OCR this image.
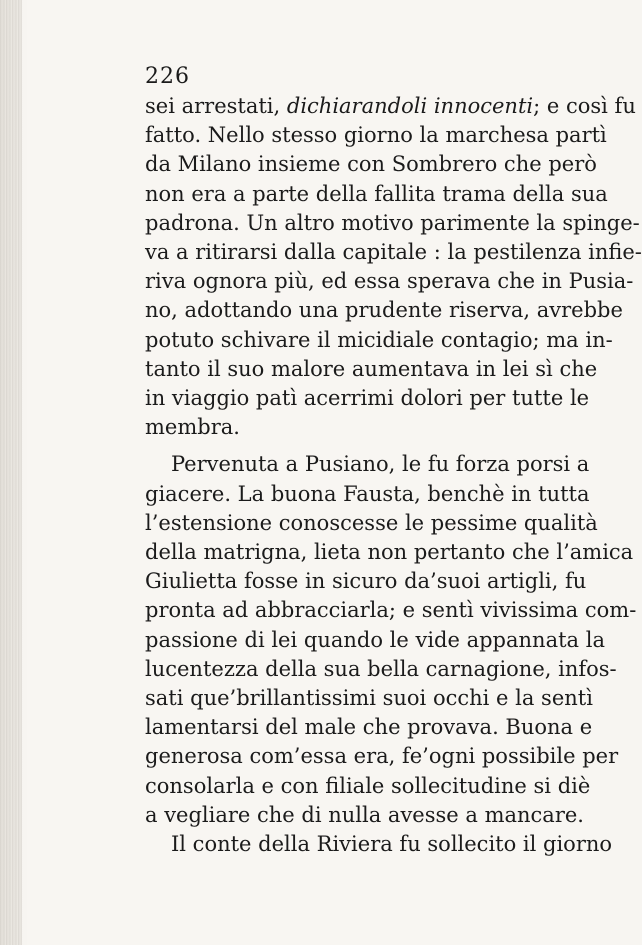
226
sei arrestati, dichiarandoli innocenti; e così fu
fatto. Nello stesso giorno la marchesa partì
da Milano insieme con Sombrero che però
non era a parte della fallita trama della sua
padrona. Un altro motivo parimente la spinge-
va a ritirarsi dalla capitale : la pestilenza infie-
riva ognora più, ed essa sperava che in Pusia-
no, adottando una prudente riserva, avrebbe
potuto schivare il micidiale contagio; ma in-
tanto il suo malore aumentava in lei sì che
in viaggio patì acerrimi dolori per tutte le
membra.
Pervenuta a Pusiano, le fu forza porsi a
giacere. La buona Fausta, benchè in tutta
l’estensione conoscesse le pessime qualità
della matrigna, lieta non pertanto che l’amica
Giulietta fosse in sicuro da’suoi artigli, fu
pronta ad abbracciarla; e sentì vivissima com-
passione di lei quando le vide appannata la
lucentezza della sua bella carnagione, infos-
sati que’brillantissimi suoi occhi e la sentì
lamentarsi del male che provava. Buona e
generosa com’essa era, fe’ogni possibile per
consolarla e con filiale sollecitudine si diè
a vegliare che di nulla avesse a mancare.
Il conte della Riviera fu sollecito il giorno
